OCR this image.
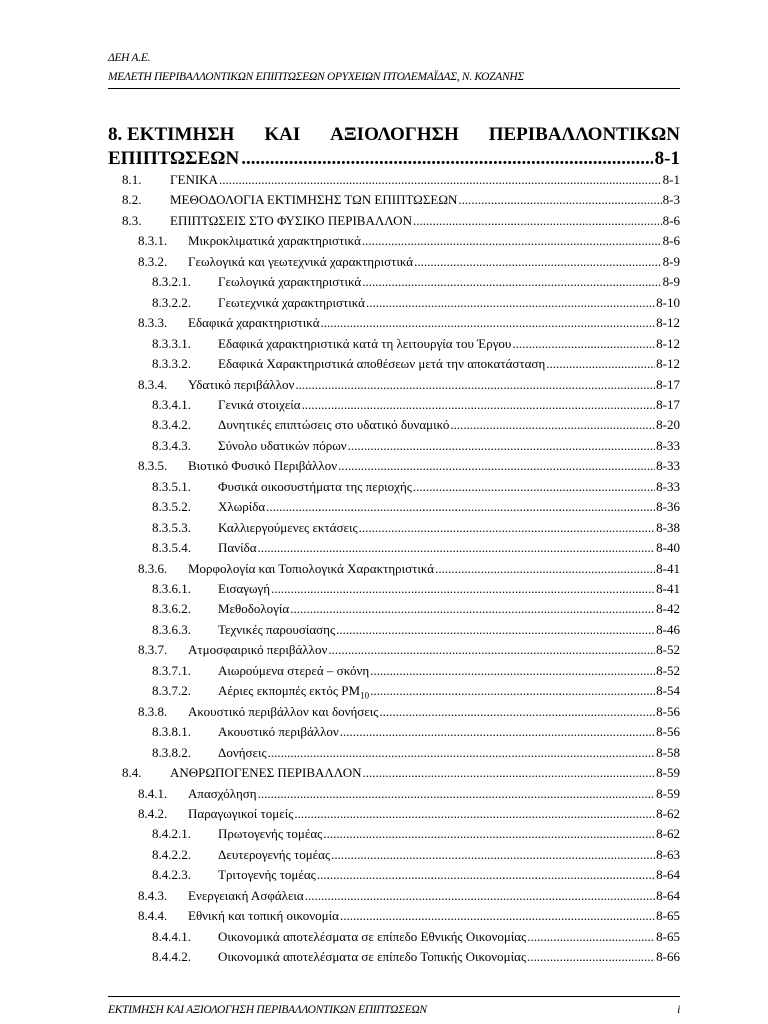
ΔΕΗ Α.Ε.
ΜΕΛΕΤΗ ΠΕΡΙΒΑΛΛΟΝΤΙΚΩΝ ΕΠΙΠΤΩΣΕΩΝ ΟΡΥΧΕΙΩΝ ΠΤΟΛΕΜΑΪΔΑΣ, Ν. ΚΟΖΑΝΗΣ
8. ΕΚΤΙΜΗΣΗ ΚΑΙ ΑΞΙΟΛΟΓΗΣΗ ΠΕΡΙΒΑΛΛΟΝΤΙΚΩΝ
ΕΠΙΠΤΩΣΕΩΝ .....	8-1
8.1.	ΓΕΝΙΚΑ .....	8-1
8.2.	ΜΕΘΟΔΟΛΟΓΙΑ ΕΚΤΙΜΗΣΗΣ ΤΩΝ ΕΠΙΠΤΩΣΕΩΝ .....	8-3
8.3.	ΕΠΙΠΤΩΣΕΙΣ ΣΤΟ ΦΥΣΙΚΟ ΠΕΡΙΒΑΛΛΟΝ .....	8-6
8.3.1.	Μικροκλιματικά χαρακτηριστικά .....	8-6
8.3.2.	Γεωλογικά και γεωτεχνικά χαρακτηριστικά .....	8-9
8.3.2.1.	Γεωλογικά χαρακτηριστικά .....	8-9
8.3.2.2.	Γεωτεχνικά χαρακτηριστικά .....	8-10
8.3.3.	Εδαφικά χαρακτηριστικά .....	8-12
8.3.3.1.	Εδαφικά χαρακτηριστικά κατά τη λειτουργία του Έργου .....	8-12
8.3.3.2.	Εδαφικά Χαρακτηριστικά αποθέσεων μετά την αποκατάσταση .....	8-12
8.3.4.	Υδατικό περιβάλλον .....	8-17
8.3.4.1.	Γενικά στοιχεία .....	8-17
8.3.4.2.	Δυνητικές επιπτώσεις στο υδατικό δυναμικό .....	8-20
8.3.4.3.	Σύνολο υδατικών πόρων .....	8-33
8.3.5.	Βιοτικό Φυσικό Περιβάλλον .....	8-33
8.3.5.1.	Φυσικά οικοσυστήματα της περιοχής .....	8-33
8.3.5.2.	Χλωρίδα .....	8-36
8.3.5.3.	Καλλιεργούμενες εκτάσεις .....	8-38
8.3.5.4.	Πανίδα .....	8-40
8.3.6.	Μορφολογία και Τοπιολογικά Χαρακτηριστικά .....	8-41
8.3.6.1.	Εισαγωγή .....	8-41
8.3.6.2.	Μεθοδολογία .....	8-42
8.3.6.3.	Τεχνικές παρουσίασης .....	8-46
8.3.7.	Ατμοσφαιρικό περιβάλλον .....	8-52
8.3.7.1.	Αιωρούμενα στερεά – σκόνη .....	8-52
8.3.7.2.	Αέριες εκπομπές εκτός $PM_{10}$ .....	8-54
8.3.8.	Ακουστικό περιβάλλον και δονήσεις .....	8-56
8.3.8.1.	Ακουστικό περιβάλλον .....	8-56
8.3.8.2.	Δονήσεις .....	8-58
8.4.	ΑΝΘΡΩΠΟΓΕΝΕΣ ΠΕΡΙΒΑΛΛΟΝ .....	8-59
8.4.1.	Απασχόληση .....	8-59
8.4.2.	Παραγωγικοί τομείς .....	8-62
8.4.2.1.	Πρωτογενής τομέας .....	8-62
8.4.2.2.	Δευτερογενής τομέας .....	8-63
8.4.2.3.	Τριτογενής τομέας .....	8-64
8.4.3.	Ενεργειακή Ασφάλεια .....	8-64
8.4.4.	Εθνική και τοπική οικονομία .....	8-65
8.4.4.1.	Οικονομικά αποτελέσματα σε επίπεδο Εθνικής Οικονομίας .....	8-65
8.4.4.2.	Οικονομικά αποτελέσματα σε επίπεδο Τοπικής Οικονομίας .....	8-66
ΕΚΤΙΜΗΣΗ ΚΑΙ ΑΞΙΟΛΟΓΗΣΗ ΠΕΡΙΒΑΛΛΟΝΤΙΚΩΝ ΕΠΙΠΤΩΣΕΩΝ	i
